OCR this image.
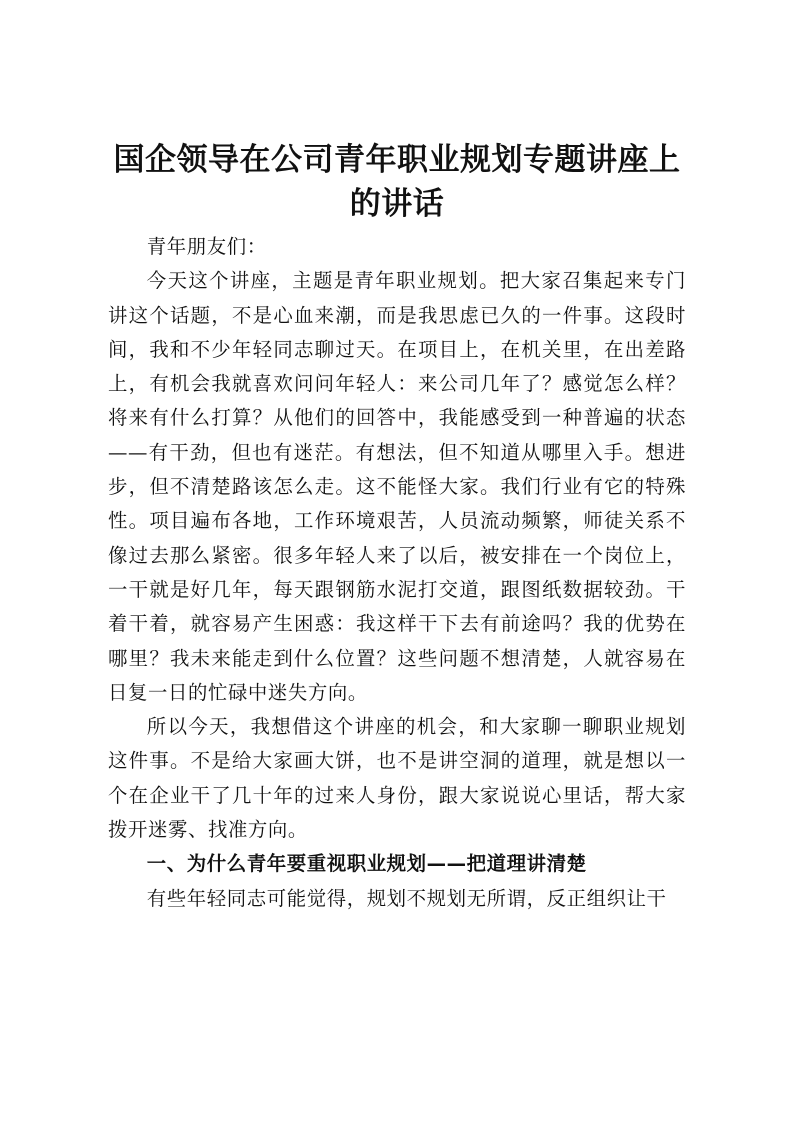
国企领导在公司青年职业规划专题讲座上的讲话

青年朋友们：

今天这个讲座，主题是青年职业规划。把大家召集起来专门讲这个话题，不是心血来潮，而是我思虑已久的一件事。这段时间，我和不少年轻同志聊过天。在项目上，在机关里，在出差路上，有机会我就喜欢问问年轻人：来公司几年了？感觉怎么样？将来有什么打算？从他们的回答中，我能感受到一种普遍的状态——有干劲，但也有迷茫。有想法，但不知道从哪里入手。想进步，但不清楚路该怎么走。这不能怪大家。我们行业有它的特殊性。项目遍布各地，工作环境艰苦，人员流动频繁，师徒关系不像过去那么紧密。很多年轻人来了以后，被安排在一个岗位上，一干就是好几年，每天跟钢筋水泥打交道，跟图纸数据较劲。干着干着，就容易产生困惑：我这样干下去有前途吗？我的优势在哪里？我未来能走到什么位置？这些问题不想清楚，人就容易在日复一日的忙碌中迷失方向。

所以今天，我想借这个讲座的机会，和大家聊一聊职业规划这件事。不是给大家画大饼，也不是讲空洞的道理，就是想以一个在企业干了几十年的过来人身份，跟大家说说心里话，帮大家拨开迷雾、找准方向。

一、为什么青年要重视职业规划——把道理讲清楚

有些年轻同志可能觉得，规划不规划无所谓，反正组织让干
